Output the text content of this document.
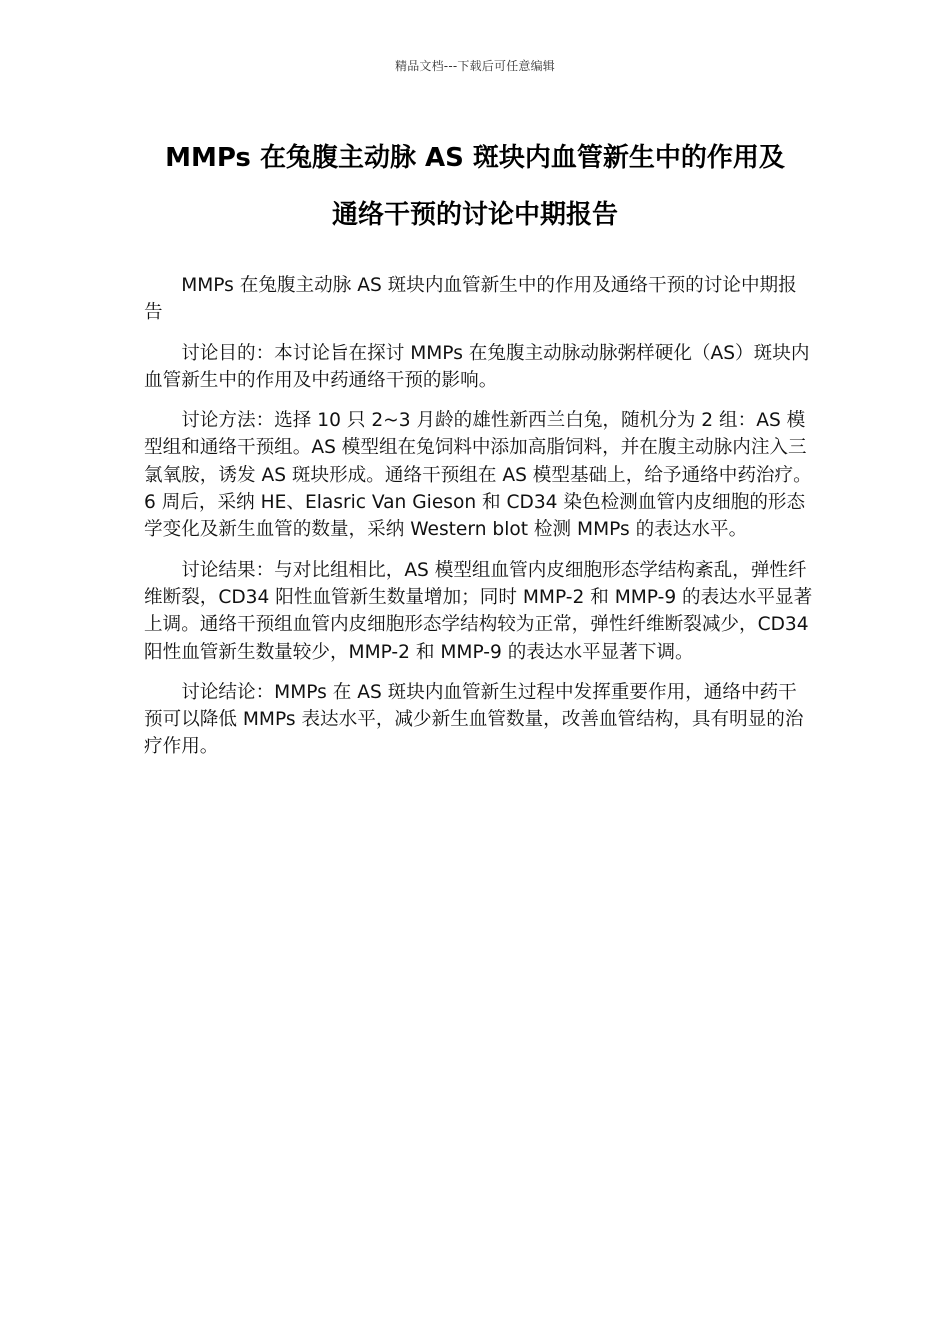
精品文档---下载后可任意编辑
MMPs 在兔腹主动脉 AS 斑块内血管新生中的作用及
通络干预的讨论中期报告

MMPs 在兔腹主动脉 AS 斑块内血管新生中的作用及通络干预的讨论中期报告

讨论目的：本讨论旨在探讨 MMPs 在兔腹主动脉动脉粥样硬化（AS）斑块内血管新生中的作用及中药通络干预的影响。

讨论方法：选择 10 只 2~3 月龄的雄性新西兰白兔，随机分为 2 组：AS 模型组和通络干预组。AS 模型组在兔饲料中添加高脂饲料，并在腹主动脉内注入三氯氧胺，诱发 AS 斑块形成。通络干预组在 AS 模型基础上，给予通络中药治疗。6 周后，采纳 HE、Elasric Van Gieson 和 CD34 染色检测血管内皮细胞的形态学变化及新生血管的数量，采纳 Western blot 检测 MMPs 的表达水平。

讨论结果：与对比组相比，AS 模型组血管内皮细胞形态学结构紊乱，弹性纤维断裂，CD34 阳性血管新生数量增加；同时 MMP-2 和 MMP-9 的表达水平显著上调。通络干预组血管内皮细胞形态学结构较为正常，弹性纤维断裂减少，CD34 阳性血管新生数量较少，MMP-2 和 MMP-9 的表达水平显著下调。

讨论结论：MMPs 在 AS 斑块内血管新生过程中发挥重要作用，通络中药干预可以降低 MMPs 表达水平，减少新生血管数量，改善血管结构，具有明显的治疗作用。
